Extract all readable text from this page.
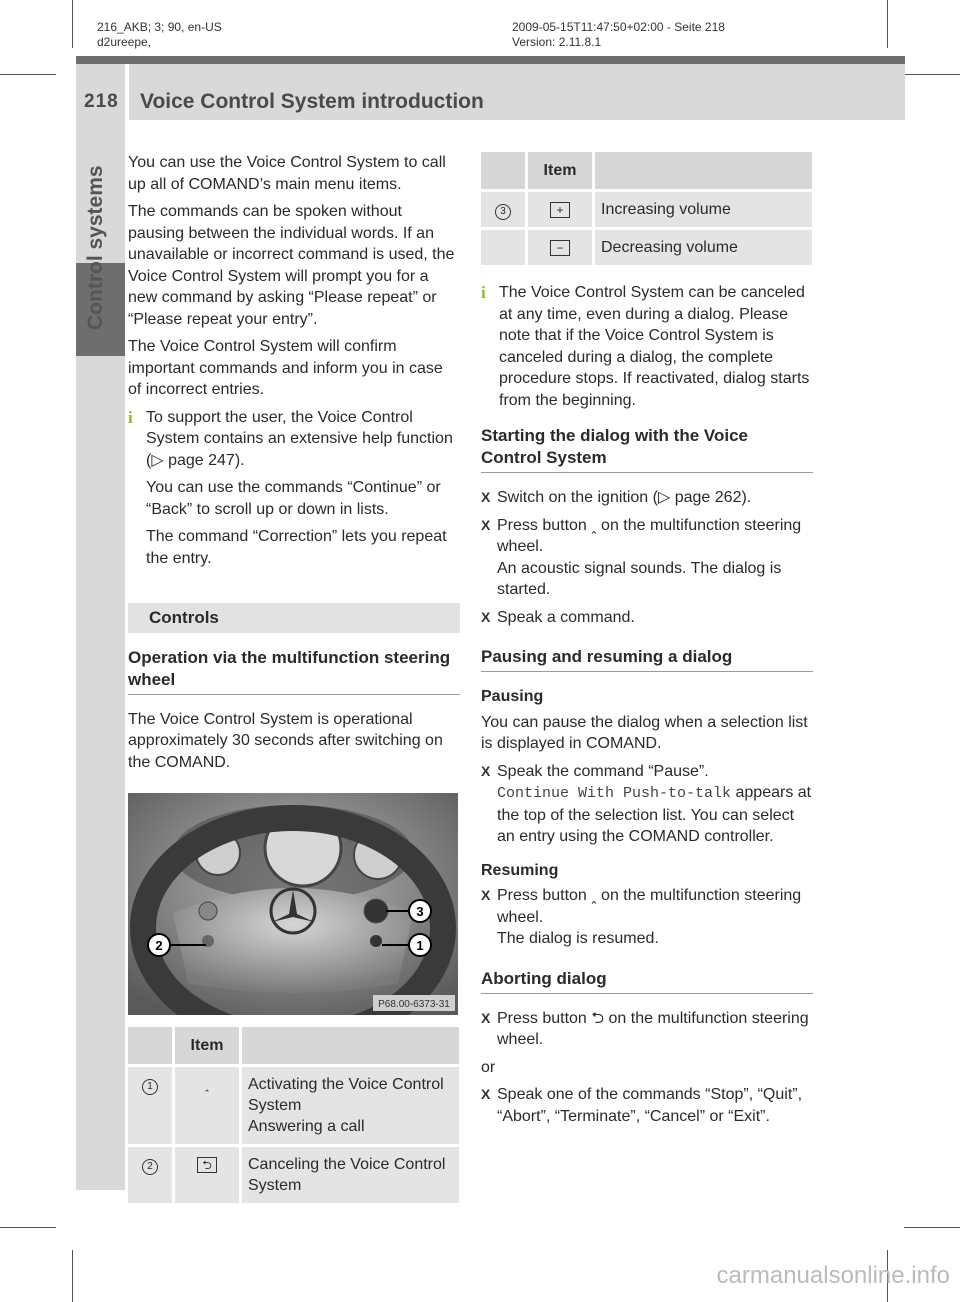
216_AKB; 3; 90, en-US
d2ureepe,
2009-05-15T11:47:50+02:00 - Seite 218
Version: 2.11.8.1
218 Voice Control System introduction
Control systems

You can use the Voice Control System to call up all of COMAND’s main menu items.

The commands can be spoken without pausing between the individual words. If an unavailable or incorrect command is used, the Voice Control System will prompt you for a new command by asking “Please repeat” or “Please repeat your entry”.

The Voice Control System will confirm important commands and inform you in case of incorrect entries.

i To support the user, the Voice Control System contains an extensive help function (▷ page 247).

You can use the commands “Continue” or “Back” to scroll up or down in lists.

The command “Correction” lets you repeat the entry.

Controls
Operation via the multifunction steering wheel

The Voice Control System is operational approximately 30 seconds after switching on the COMAND.

3
1
2
P68.00-6373-31
	Item	
1	ꞈ	Activating the Voice Control System
Answering a call

2	⮌	Canceling the Voice Control System
	Item	
3	+	Increasing volume
	−	Decreasing volume
i The Voice Control System can be canceled at any time, even during a dialog. Please note that if the Voice Control System is canceled during a dialog, the complete procedure stops. If reactivated, dialog starts from the beginning.

Starting the dialog with the Voice Control System
X Switch on the ignition (▷ page 262).
X Press button ꞈ on the multifunction steering wheel.

An acoustic signal sounds. The dialog is started.

X Speak a command.
Pausing and resuming a dialog
Pausing

You can pause the dialog when a selection list is displayed in COMAND.

X Speak the command “Pause”.

Continue With Push-to-talk appears at the top of the selection list. You can select an entry using the COMAND controller.

Resuming
X Press button ꞈ on the multifunction steering wheel.

The dialog is resumed.

Aborting dialog
X Press button ⮌ on the multifunction steering wheel.

or

X Speak one of the commands “Stop”, “Quit”, “Abort”, “Terminate”, “Cancel” or “Exit”.
carmanualsonline.info
